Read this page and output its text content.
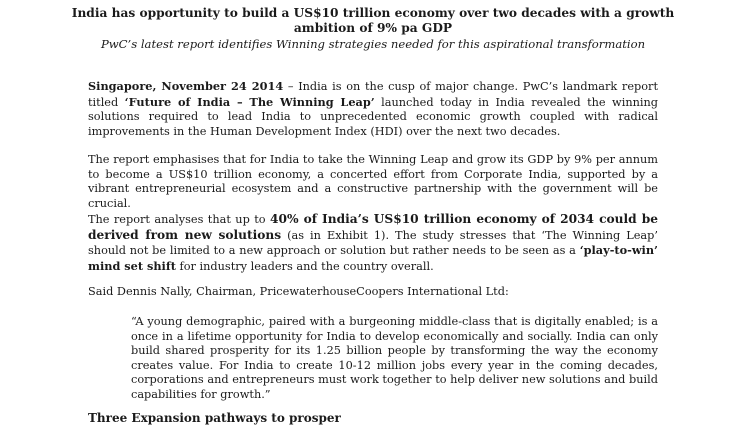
India has opportunity to build a US$10 trillion economy over two decades with a growth ambition of 9% pa GDP
PwC’s latest report identifies Winning strategies needed for this aspirational transformation

Singapore, November 24 2014 – India is on the cusp of major change. PwC’s landmark report titled ‘Future of India – The Winning Leap’ launched today in India revealed the winning solutions required to lead India to unprecedented economic growth coupled with radical improvements in the Human Development Index (HDI) over the next two decades.

The report emphasises that for India to take the Winning Leap and grow its GDP by 9% per annum to become a US$10 trillion economy, a concerted effort from Corporate India, supported by a vibrant entrepreneurial ecosystem and a constructive partnership with the government will be crucial.

The report analyses that up to 40% of India’s US$10 trillion economy of 2034 could be derived from new solutions (as in Exhibit 1). The study stresses that ‘The Winning Leap’ should not be limited to a new approach or solution but rather needs to be seen as a ‘play-to-win’ mind set shift for industry leaders and the country overall.

Said Dennis Nally, Chairman, PricewaterhouseCoopers International Ltd:

“A young demographic, paired with a burgeoning middle-class that is digitally enabled; is a once in a lifetime opportunity for India to develop economically and socially. India can only build shared prosperity for its 1.25 billion people by transforming the way the economy creates value. For India to create 10-12 million jobs every year in the coming decades, corporations and entrepreneurs must work together to help deliver new solutions and build capabilities for growth.”

Three Expansion pathways to prosper
